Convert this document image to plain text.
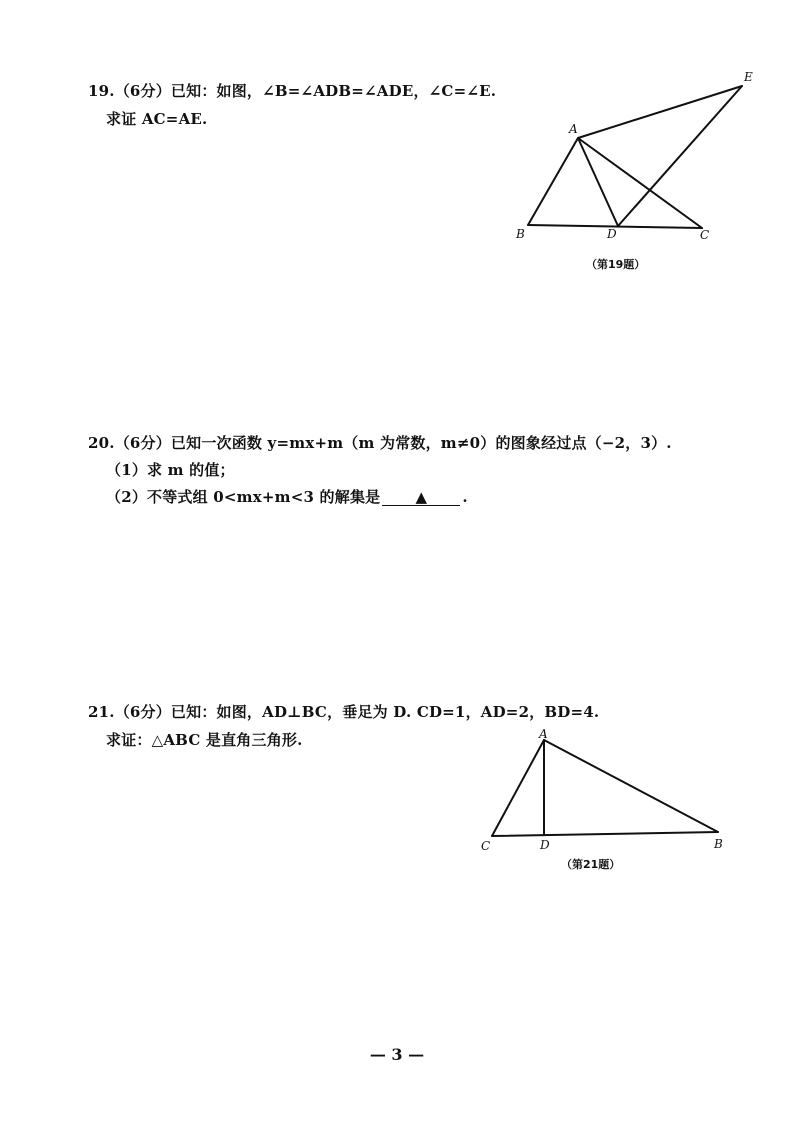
19.（6分）已知：如图，∠B=∠ADB=∠ADE，∠C=∠E.
求证 AC=AE.
20.（6分）已知一次函数 y=mx+m（m 为常数，m≠0）的图象经过点（−2，3）.
（1）求 m 的值；
（2）不等式组 0<mx+m<3 的解集是 ▲ .
21.（6分）已知：如图，AD⊥BC，垂足为 D. CD=1，AD=2，BD=4.
求证：△ABC 是直角三角形.
A
B	C
D
E
（第19题）
A
C	D	B
（第21题）
— 3 —
